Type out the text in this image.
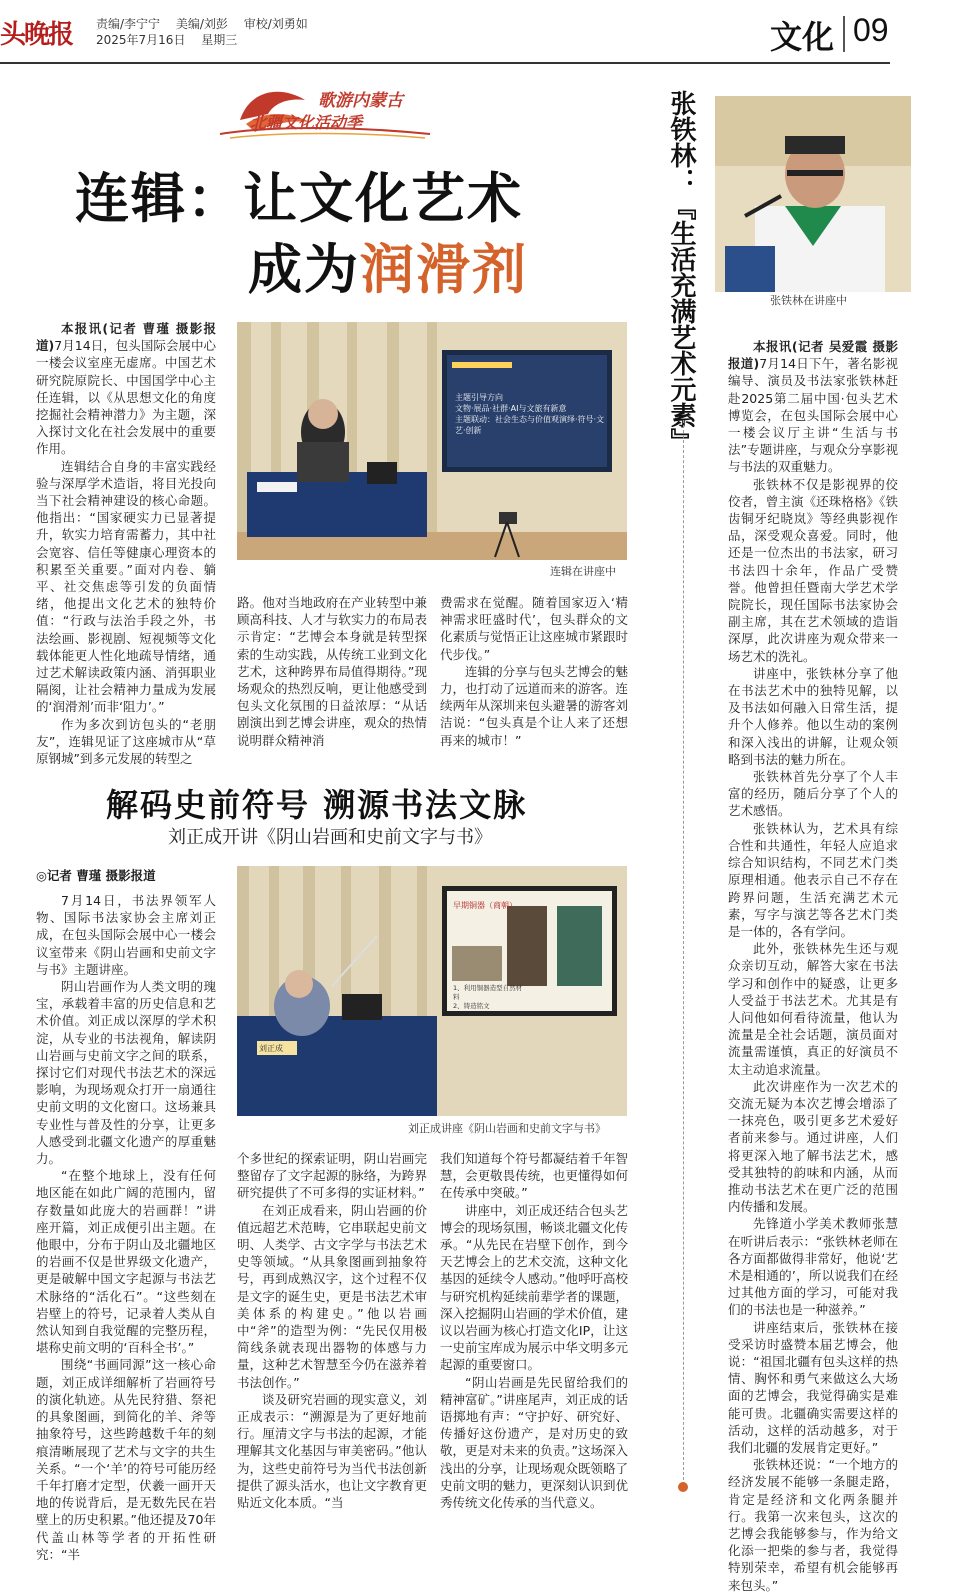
头晚报	责编/李宁宁 美编/刘彭 审校/刘勇如
2025年7月16日 星期三	文化 09
歌游内蒙古
北疆文化活动季
连辑：让文化艺术
成为润滑剂

本报讯(记者 曹瑾 摄影报道)7月14日，包头国际会展中心一楼会议室座无虚席。中国艺术研究院原院长、中国国学中心主任连辑，以《从思想文化的角度挖掘社会精神潜力》为主题，深入探讨文化在社会发展中的重要作用。

连辑结合自身的丰富实践经验与深厚学术造诣，将目光投向当下社会精神建设的核心命题。他指出：“国家硬实力已显著提升，软实力培育需蓄力，其中社会宽容、信任等健康心理资本的积累至关重要。”面对内卷、躺平、社交焦虑等引发的负面情绪，他提出文化艺术的独特价值：“行政与法治手段之外，书法绘画、影视剧、短视频等文化载体能更人性化地疏导情绪，通过艺术解读政策内涵、消弭职业隔阂，让社会精神力量成为发展的‘润滑剂’而非‘阻力’。”

作为多次到访包头的“老朋友”，连辑见证了这座城市从“草原钢城”到多元发展的转型之

主题引导方向
文物·展品·社群·AI与文旅有新意
主题联动：社会生态与价值观演绎·符号·文艺·创新
连辑在讲座中

路。他对当地政府在产业转型中兼顾高科技、人才与软实力的布局表示肯定：“艺博会本身就是转型探索的生动实践，从传统工业到文化艺术，这种跨界布局值得期待。”现场观众的热烈反响，更让他感受到包头文化氛围的日益浓厚：“从话剧演出到艺博会讲座，观众的热情说明群众精神消

费需求在觉醒。随着国家迈入‘精神需求旺盛时代’，包头群众的文化素质与觉悟正让这座城市紧跟时代步伐。”

连辑的分享与包头艺博会的魅力，也打动了远道而来的游客。连续两年从深圳来包头避暑的游客刘洁说：“包头真是个让人来了还想再来的城市！”

张铁林：『生活充满艺术元素』	张铁林在讲座中

本报讯(记者 吴爱霞 摄影报道)7月14日下午，著名影视编导、演员及书法家张铁林赶赴2025第二届中国·包头艺术博览会，在包头国际会展中心一楼会议厅主讲“生活与书法”专题讲座，与观众分享影视与书法的双重魅力。

张铁林不仅是影视界的佼佼者，曾主演《还珠格格》《铁齿铜牙纪晓岚》等经典影视作品，深受观众喜爱。同时，他还是一位杰出的书法家，研习书法四十余年，作品广受赞誉。他曾担任暨南大学艺术学院院长，现任国际书法家协会副主席，其在艺术领域的造诣深厚，此次讲座为观众带来一场艺术的洗礼。

讲座中，张铁林分享了他在书法艺术中的独特见解，以及书法如何融入日常生活，提升个人修养。他以生动的案例和深入浅出的讲解，让观众领略到书法的魅力所在。

张铁林首先分享了个人丰富的经历，随后分享了个人的艺术感悟。

张铁林认为，艺术具有综合性和共通性，年轻人应追求综合知识结构，不同艺术门类原理相通。他表示自己不存在跨界问题，生活充满艺术元素，写字与演艺等各艺术门类是一体的，各有学问。

此外，张铁林先生还与观众亲切互动，解答大家在书法学习和创作中的疑惑，让更多人受益于书法艺术。尤其是有人问他如何看待流量，他认为流量是全社会话题，演员面对流量需谨慎，真正的好演员不太主动追求流量。

此次讲座作为一次艺术的交流无疑为本次艺博会增添了一抹亮色，吸引更多艺术爱好者前来参与。通过讲座，人们将更深入地了解书法艺术，感受其独特的韵味和内涵，从而推动书法艺术在更广泛的范围内传播和发展。

先锋道小学美术教师张慧在听讲后表示：“张铁林老师在各方面都做得非常好，他说‘艺术是相通的’，所以说我们在经过其他方面的学习，可能对我们的书法也是一种滋养。”

讲座结束后，张铁林在接受采访时盛赞本届艺博会，他说：“祖国北疆有包头这样的热情、胸怀和勇气来做这么大场面的艺博会，我觉得确实是难能可贵。北疆确实需要这样的活动，这样的活动越多，对于我们北疆的发展肯定更好。”

张铁林还说：“一个地方的经济发展不能够一条腿走路，肯定是经济和文化两条腿并行。我第一次来包头，这次的艺博会我能够参与，作为给文化添一把柴的参与者，我觉得特别荣幸，希望有机会能够再来包头。”

解码史前符号 溯源书法文脉
刘正成开讲《阴山岩画和史前文字与书》
◎记者 曹瑾 摄影报道

7月14日，书法界领军人物、国际书法家协会主席刘正成，在包头国际会展中心一楼会议室带来《阴山岩画和史前文字与书》主题讲座。

阴山岩画作为人类文明的瑰宝，承载着丰富的历史信息和艺术价值。刘正成以深厚的学术积淀，从专业的书法视角，解读阴山岩画与史前文字之间的联系，探讨它们对现代书法艺术的深远影响，为现场观众打开一扇通往史前文明的文化窗口。这场兼具专业性与普及性的分享，让更多人感受到北疆文化遗产的厚重魅力。

“在整个地球上，没有任何地区能在如此广阔的范围内，留存数量如此庞大的岩画群！”讲座开篇，刘正成便引出主题。在他眼中，分布于阴山及北疆地区的岩画不仅是世界级文化遗产，更是破解中国文字起源与书法艺术脉络的“活化石”。“这些刻在岩壁上的符号，记录着人类从自然认知到自我觉醒的完整历程，堪称史前文明的‘百科全书’。”

围绕“书画同源”这一核心命题，刘正成详细解析了岩画符号的演化轨迹。从先民狩猎、祭祀的具象图画，到简化的羊、斧等抽象符号，这些跨越数千年的刻痕清晰展现了艺术与文字的共生关系。“一个‘羊’的符号可能历经千年打磨才定型，伏羲一画开天地的传说背后，是无数先民在岩壁上的历史积累。”他还提及70年代盖山林等学者的开拓性研究：“半

早期铜器（商朝）
1、利用铜器造型自然材料
2、铸造铭文
刘正成
刘正成讲座《阴山岩画和史前文字与书》

个多世纪的探索证明，阴山岩画完整留存了文字起源的脉络，为跨界研究提供了不可多得的实证材料。”

在刘正成看来，阴山岩画的价值远超艺术范畴，它串联起史前文明、人类学、古文字学与书法艺术史等领域。“从具象图画到抽象符号，再到成熟汉字，这个过程不仅是文字的诞生史，更是书法艺术审美体系的构建史。”他以岩画中“斧”的造型为例：“先民仅用极简线条就表现出器物的体感与力量，这种艺术智慧至今仍在滋养着书法创作。”

谈及研究岩画的现实意义，刘正成表示：“溯源是为了更好地前行。厘清文字与书法的起源，才能理解其文化基因与审美密码。”他认为，这些史前符号为当代书法创新提供了源头活水，也让文字教育更贴近文化本质。“当

我们知道每个符号都凝结着千年智慧，会更敬畏传统，也更懂得如何在传承中突破。”

讲座中，刘正成还结合包头艺博会的现场氛围，畅谈北疆文化传承。“从先民在岩壁下创作，到今天艺博会上的艺术交流，这种文化基因的延续令人感动。”他呼吁高校与研究机构延续前辈学者的课题，深入挖掘阴山岩画的学术价值，建议以岩画为核心打造文化IP，让这一史前宝库成为展示中华文明多元起源的重要窗口。

“阴山岩画是先民留给我们的精神富矿。”讲座尾声，刘正成的话语掷地有声：“守护好、研究好、传播好这份遗产，是对历史的致敬，更是对未来的负责。”这场深入浅出的分享，让现场观众既领略了史前文明的魅力，更深刻认识到优秀传统文化传承的当代意义。
